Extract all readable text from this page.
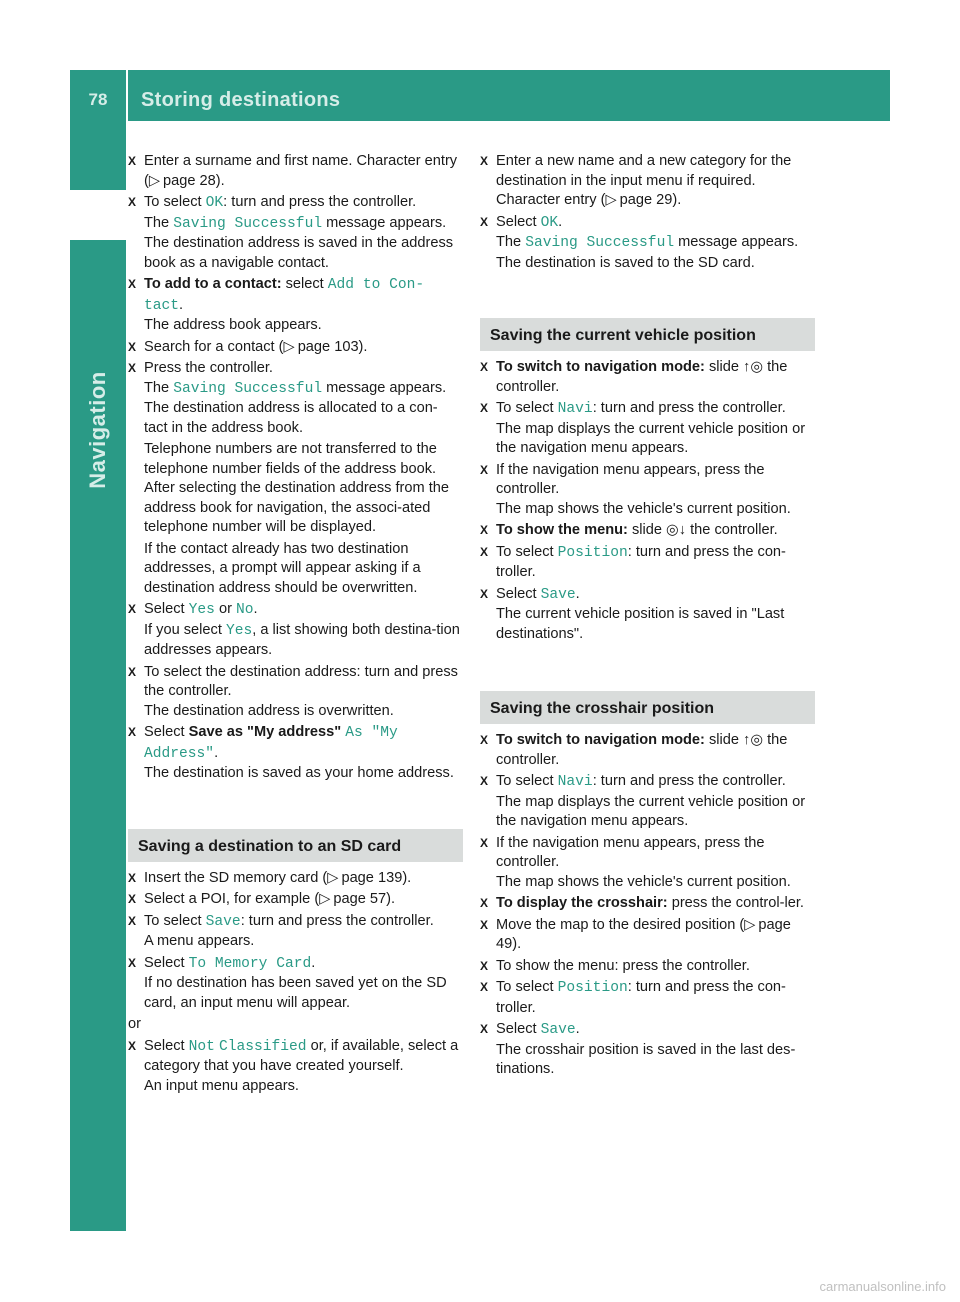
78	Storing destinations
Navigation
X Enter a surname and first name. Character entry (▷  page 28).

X To select OK: turn and press the controller.

The Saving Successful message appears.

The destination address is saved in the address book as a navigable contact.

X To add to a contact: select Add to Con‐
tact.

The address book appears.

X Search for a contact (▷  page 103).

X Press the controller.

The Saving Successful message appears.

The destination address is allocated to a con-tact in the address book.

Telephone numbers are not transferred to the telephone number fields of the address book. After selecting the destination address from the address book for navigation, the associ-ated telephone number will be displayed.

If the contact already has two destination addresses, a prompt will appear asking if a destination address should be overwritten.

X Select Yes or No.

If you select Yes, a list showing both destina-tion addresses appears.

X To select the destination address: turn and press the controller.

The destination address is overwritten.

X Select Save as "My address" As "My
Address".

The destination is saved as your home address.

Saving a destination to an SD card
X Insert the SD memory card (▷  page 139).

X Select a POI, for example (▷  page 57).

X To select Save: turn and press the controller.

A menu appears.

X Select To Memory Card.

If no destination has been saved yet on the SD card, an input menu will appear.

or

X Select Not Classified or, if available, select a category that you have created yourself.

An input menu appears.

X Enter a new name and a new category for the destination in the input menu if required.

Character entry (▷  page 29).

X Select OK.

The Saving Successful message appears.

The destination is saved to the SD card.

Saving the current vehicle position
X To switch to navigation mode: slide ↑◎ the controller.

X To select Navi: turn and press the controller.

The map displays the current vehicle position or the navigation menu appears.

X If the navigation menu appears, press the controller.

The map shows the vehicle's current position.

X To show the menu: slide ◎↓ the controller.

X To select Position: turn and press the con-troller.

X Select Save.

The current vehicle position is saved in "Last destinations".

Saving the crosshair position
X To switch to navigation mode: slide ↑◎ the controller.

X To select Navi: turn and press the controller.

The map displays the current vehicle position or the navigation menu appears.

X If the navigation menu appears, press the controller.

The map shows the vehicle's current position.

X To display the crosshair: press the control-ler.

X Move the map to the desired position (▷  page 49).

X To show the menu: press the controller.

X To select Position: turn and press the con-troller.

X Select Save.

The crosshair position is saved in the last des-tinations.

carmanualsonline.info
